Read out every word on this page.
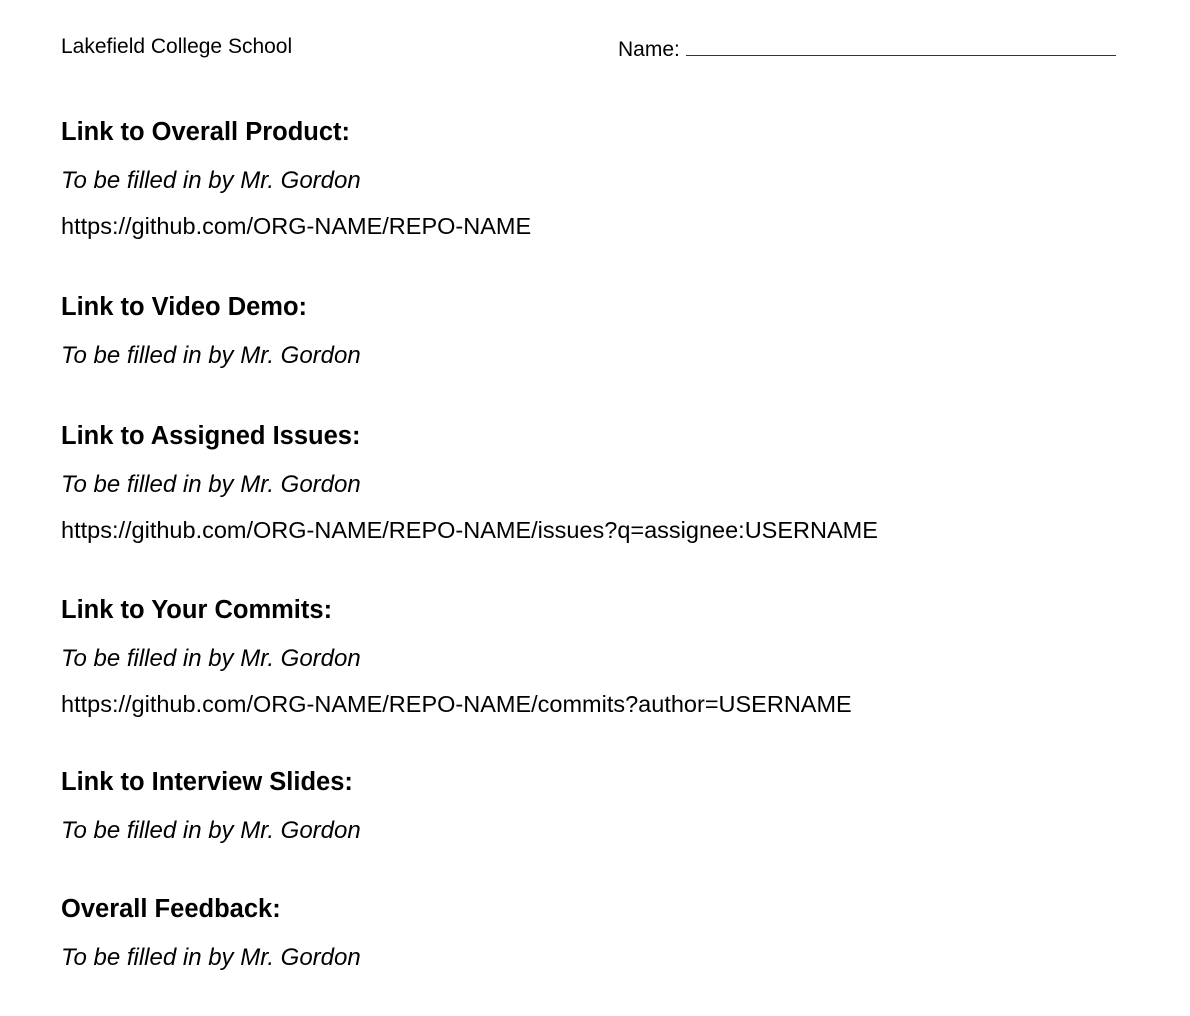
Lakefield College School	Name:
Link to Overall Product:
To be filled in by Mr. Gordon
https://github.com/ORG-NAME/REPO-NAME
Link to Video Demo:
To be filled in by Mr. Gordon
Link to Assigned Issues:
To be filled in by Mr. Gordon
https://github.com/ORG-NAME/REPO-NAME/issues?q=assignee:USERNAME
Link to Your Commits:
To be filled in by Mr. Gordon
https://github.com/ORG-NAME/REPO-NAME/commits?author=USERNAME
Link to Interview Slides:
To be filled in by Mr. Gordon
Overall Feedback:
To be filled in by Mr. Gordon
